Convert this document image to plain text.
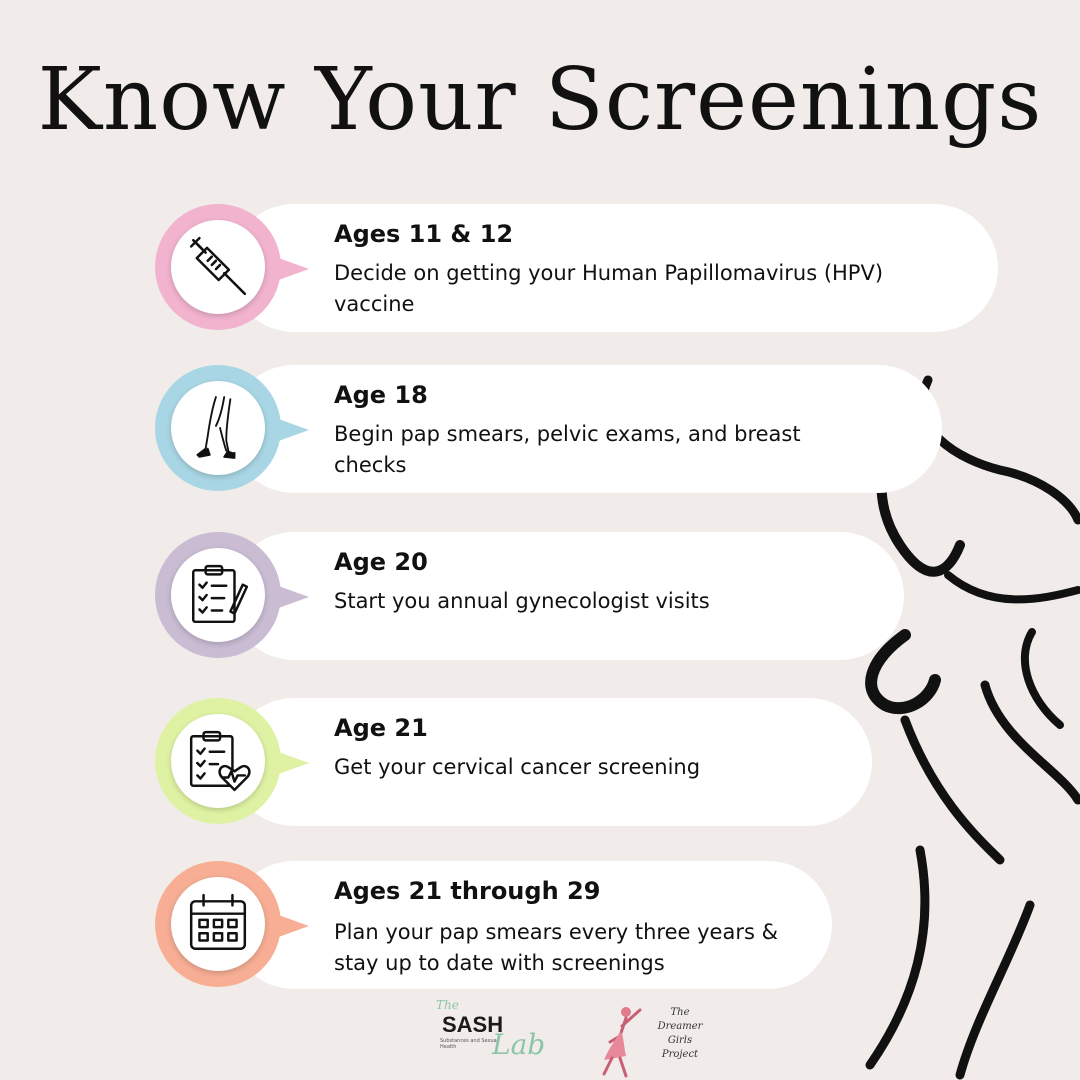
Know Your Screenings

Ages 11 & 12

Decide on getting your Human Papillomavirus (HPV)

vaccine

Age 18

Begin pap smears, pelvic exams, and breast

checks

Age 20

Start you annual gynecologist visits

Age 21

Get your cervical cancer screening

Ages 21 through 29

Plan your pap smears every three years &

stay up to date with screenings

The
SASH
Substances and Sexual Health	Lab
The
Dreamer Girls
Project
